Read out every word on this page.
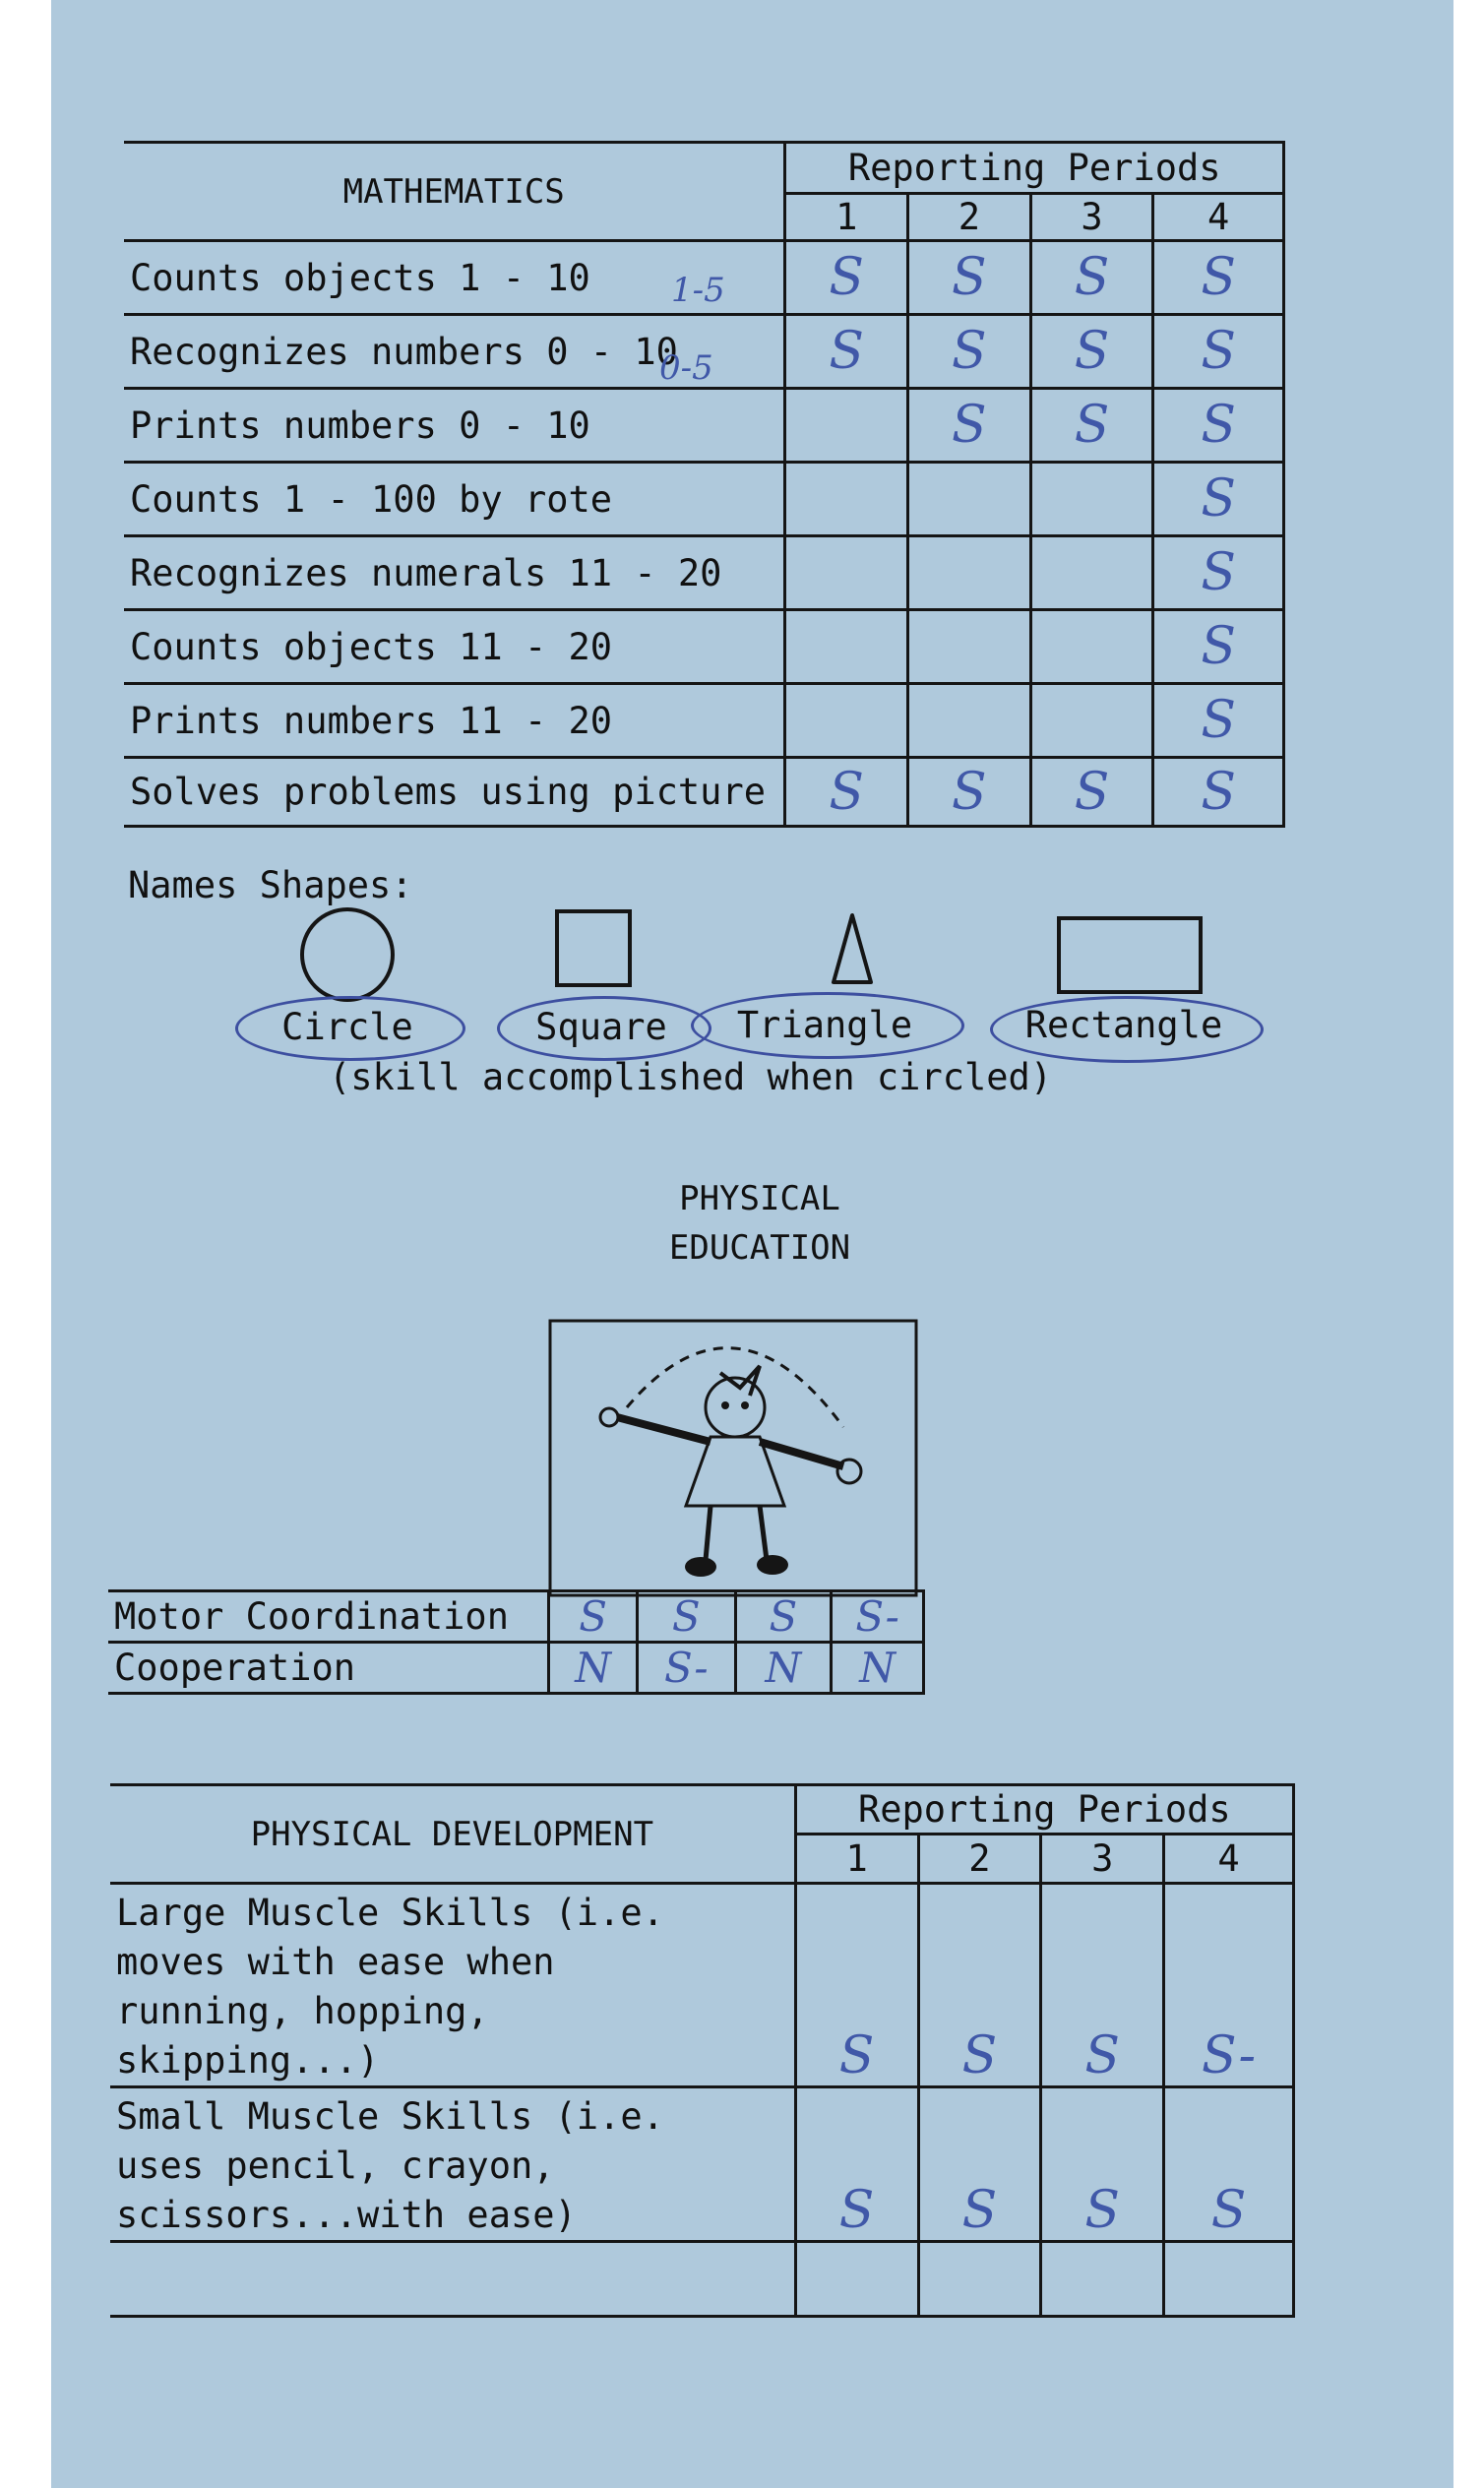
MATHEMATICS	Reporting Periods			
	1	2	3	4
Counts objects 1 - 10	S	S	S	S
Recognizes numbers 0 - 10	S	S	S	S
Prints numbers 0 - 10		S	S	S
Counts 1 - 100 by rote				S
Recognizes numerals 11 - 20				S
Counts objects 11 - 20				S
Prints numbers 11 - 20				S
Solves problems using picture	S	S	S	S
1-5
0-5
Names Shapes:
Circle	Square	Triangle	Rectangle
(skill accomplished when circled)
PHYSICAL
EDUCATION
Motor Coordination	S	S	S	S-
Cooperation	N	S-	N	N
PHYSICAL DEVELOPMENT	Reporting Periods			
	1	2	3	4

Large Muscle Skills (i.e.
moves with ease when
running, hopping,
skipping...)	S	S	S	S-

Small Muscle Skills (i.e.
uses pencil, crayon,
scissors...with ease)	S	S	S	S
